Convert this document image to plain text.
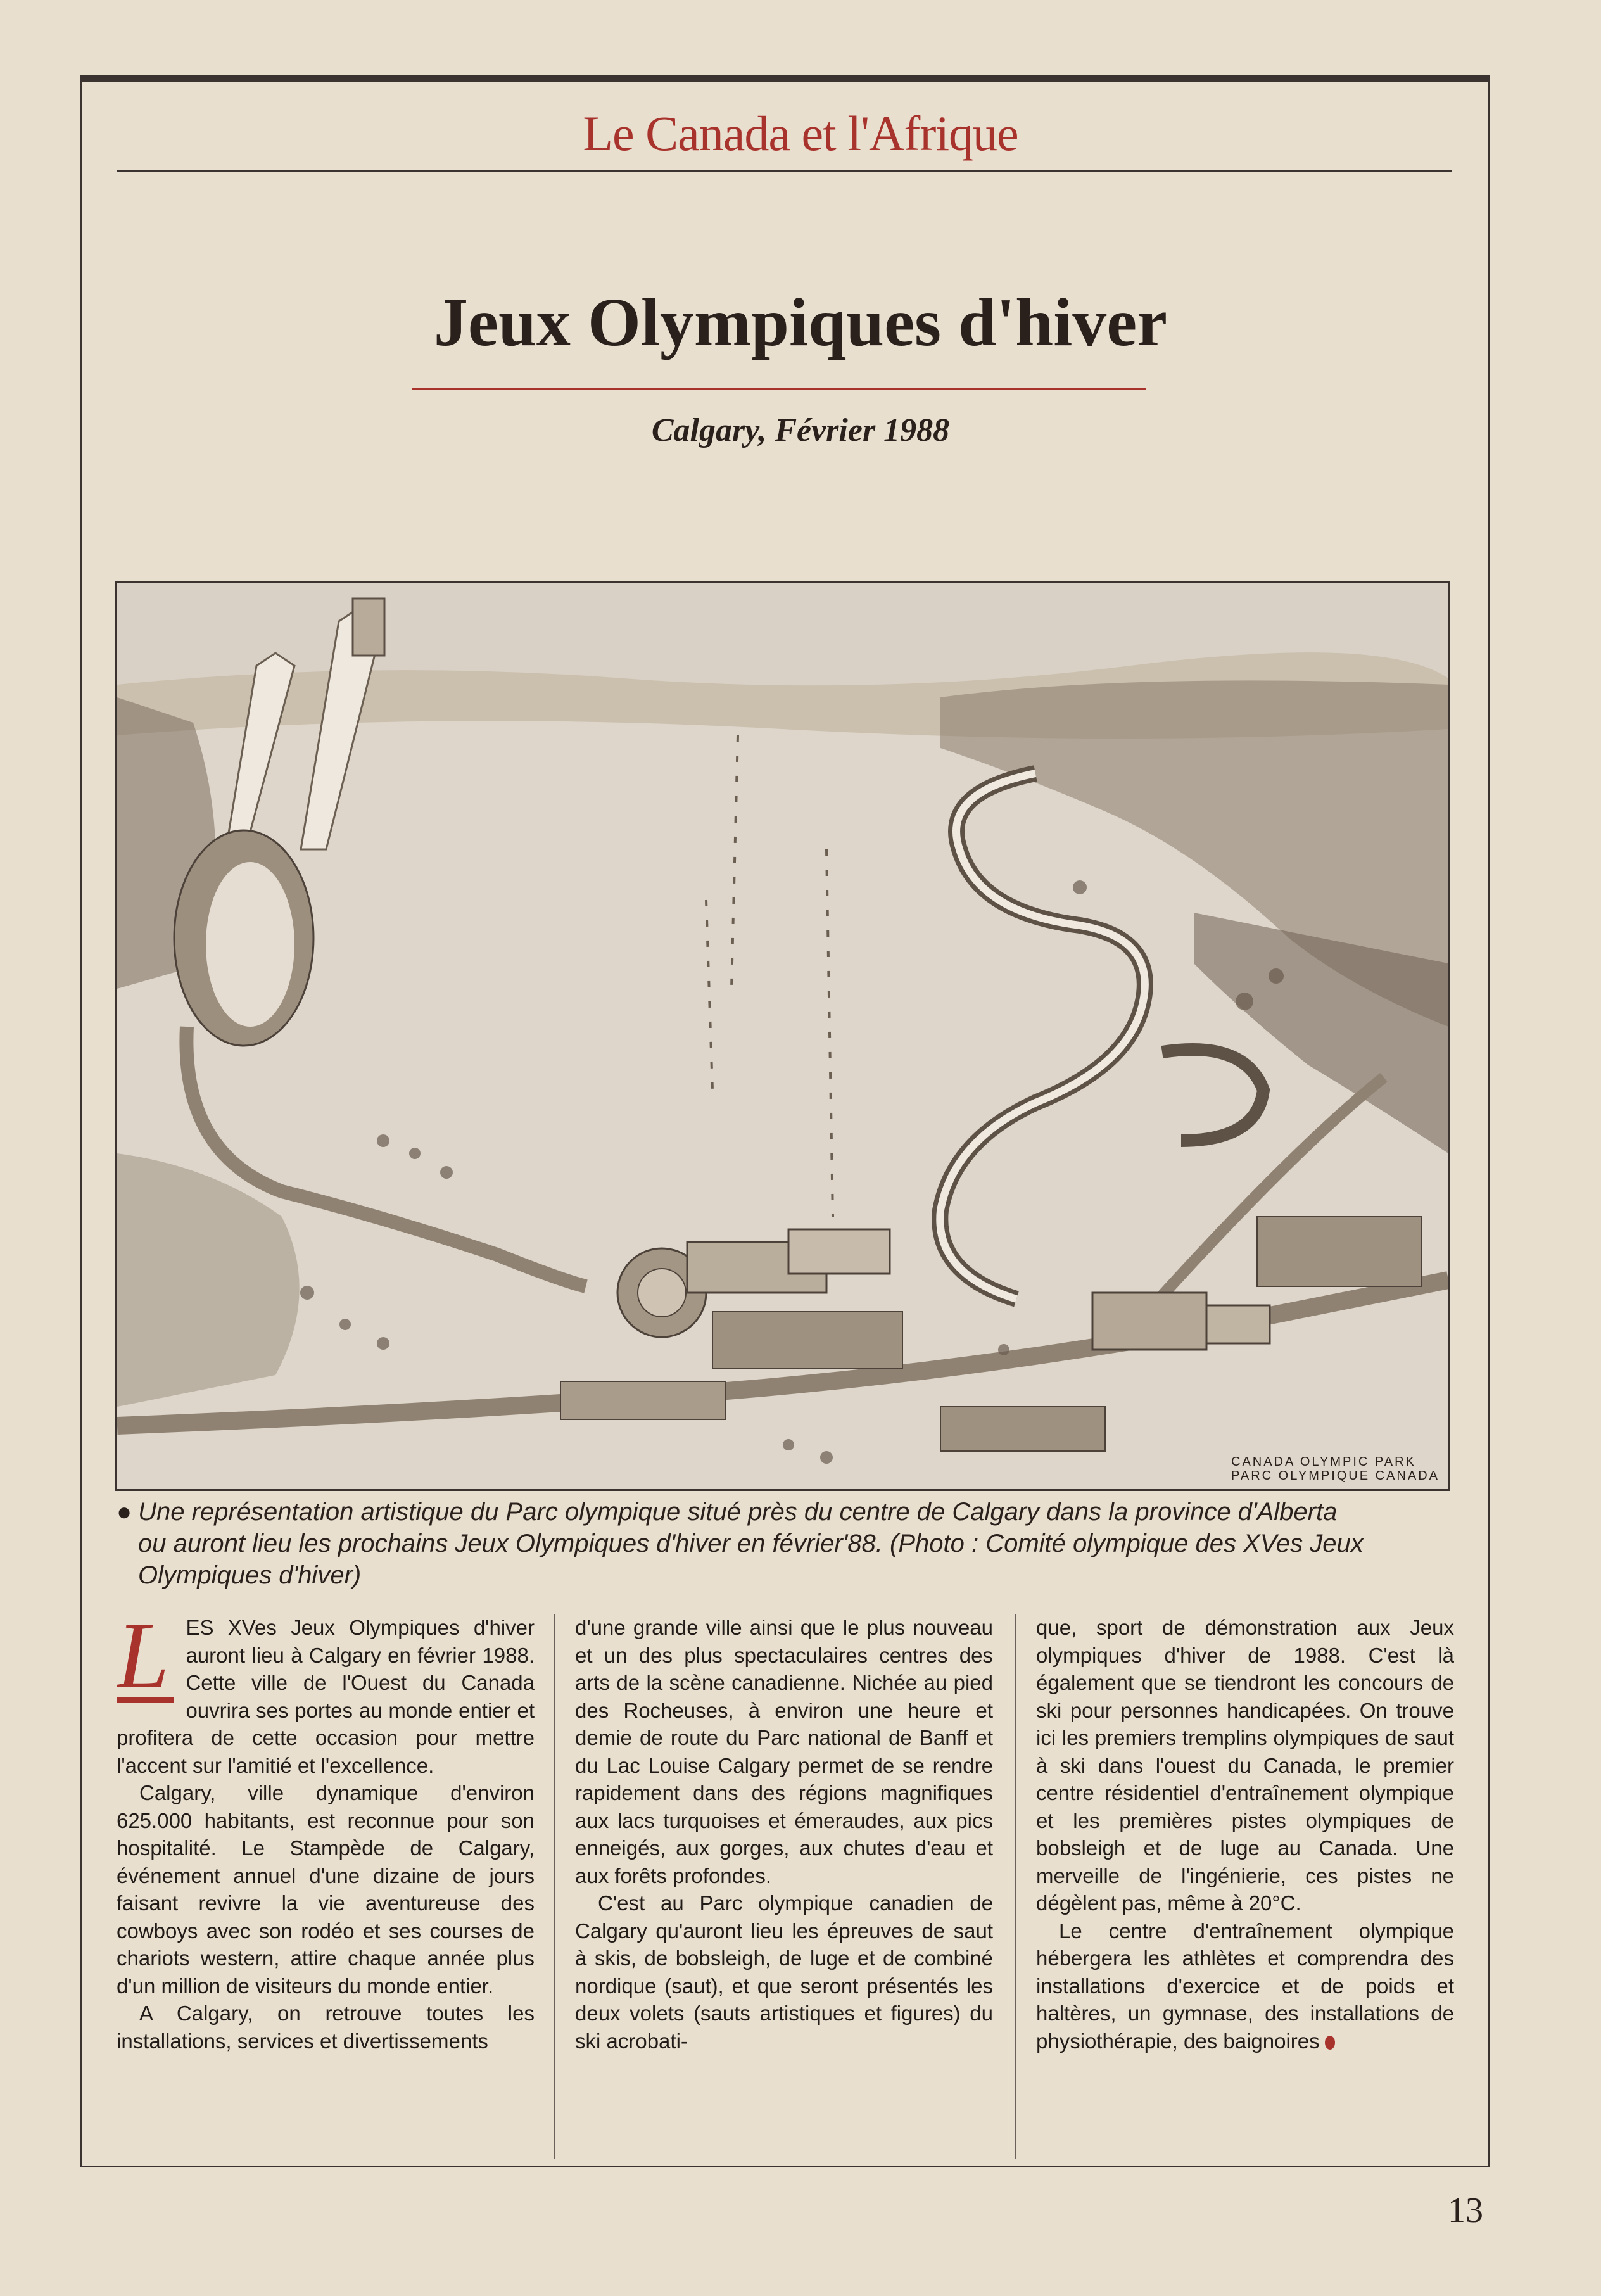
Le Canada et l'Afrique
Jeux Olympiques d'hiver
Calgary, Février 1988
CANADA OLYMPIC PARK
PARC OLYMPIQUE CANADA
● Une représentation artistique du Parc olympique situé près du centre de Calgary dans la province d'Alberta
ou auront lieu les prochains Jeux Olympiques d'hiver en février'88. (Photo : Comité olympique des XVes Jeux
Olympiques d'hiver)

L ES XVes Jeux Olympiques d'hiver auront lieu à Calgary en février 1988. Cette ville de l'Ouest du Canada ouvrira ses portes au monde entier et profitera de cette occasion pour mettre l'accent sur l'amitié et l'excellence.

Calgary, ville dynamique d'environ 625.000 habitants, est reconnue pour son hospitalité. Le Stampède de Calgary, événement annuel d'une dizaine de jours faisant revivre la vie aventureuse des cowboys avec son rodéo et ses courses de chariots western, attire chaque année plus d'un million de visiteurs du monde entier.

A Calgary, on retrouve toutes les installations, services et divertissements

d'une grande ville ainsi que le plus nouveau et un des plus spectaculaires centres des arts de la scène canadienne. Nichée au pied des Rocheuses, à environ une heure et demie de route du Parc national de Banff et du Lac Louise Calgary permet de se rendre rapidement dans des régions magnifiques aux lacs turquoises et émeraudes, aux pics enneigés, aux gorges, aux chutes d'eau et aux forêts profondes.

C'est au Parc olympique canadien de Calgary qu'auront lieu les épreuves de saut à skis, de bobsleigh, de luge et de combiné nordique (saut), et que seront présentés les deux volets (sauts artistiques et figures) du ski acrobati-

que, sport de démonstration aux Jeux olympiques d'hiver de 1988. C'est là également que se tiendront les concours de ski pour personnes handicapées. On trouve ici les premiers tremplins olympiques de saut à ski dans l'ouest du Canada, le premier centre résidentiel d'entraînement olympique et les premières pistes olympiques de bobsleigh et de luge au Canada. Une merveille de l'ingénierie, ces pistes ne dégèlent pas, même à 20°C.

Le centre d'entraînement olympique hébergera les athlètes et comprendra des installations d'exercice et de poids et haltères, un gymnase, des installations de physiothérapie, des baignoires

13
